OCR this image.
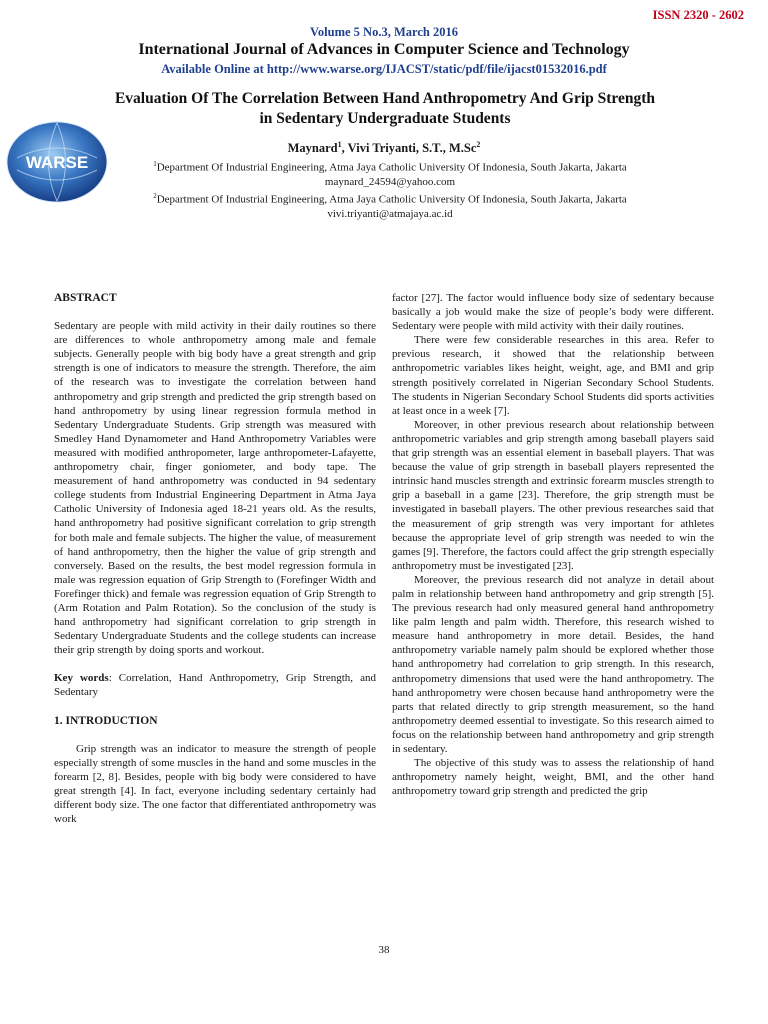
ISSN 2320 - 2602
Volume 5 No.3, March 2016
International Journal of Advances in Computer Science and Technology
Available Online at http://www.warse.org/IJACST/static/pdf/file/ijacst01532016.pdf
WARSE
Evaluation Of The Correlation Between Hand Anthropometry And Grip Strength
in Sedentary Undergraduate Students
Maynard$^1$, Vivi Triyanti, S.T., M.Sc$^2$
$^1$Department Of Industrial Engineering, Atma Jaya Catholic University Of Indonesia, South Jakarta, Jakarta
maynard_24594@yahoo.com
$^2$Department Of Industrial Engineering, Atma Jaya Catholic University Of Indonesia, South Jakarta, Jakarta
vivi.triyanti@atmajaya.ac.id
ABSTRACT

Sedentary are people with mild activity in their daily routines so there are differences to whole anthropometry among male and female subjects. Generally people with big body have a great strength and grip strength is one of indicators to measure the strength. Therefore, the aim of the research was to investigate the correlation between hand anthropometry and grip strength and predicted the grip strength based on hand anthropometry by using linear regression formula method in Sedentary Undergraduate Students. Grip strength was measured with Smedley Hand Dynamometer and Hand Anthropometry Variables were measured with modified anthropometer, large anthropometer-Lafayette, anthropometry chair, finger goniometer, and body tape. The measurement of hand anthropometry was conducted in 94 sedentary college students from Industrial Engineering Department in Atma Jaya Catholic University of Indonesia aged 18-21 years old. As the results, hand anthropometry had positive significant correlation to grip strength for both male and female subjects. The higher the value, of measurement of hand anthropometry, then the higher the value of grip strength and conversely. Based on the results, the best model regression formula in male was regression equation of Grip Strength to (Forefinger Width and Forefinger thick) and female was regression equation of Grip Strength to (Arm Rotation and Palm Rotation). So the conclusion of the study is hand anthropometry had significant correlation to grip strength in Sedentary Undergraduate Students and the college students can increase their grip strength by doing sports and workout.

Key words: Correlation, Hand Anthropometry, Grip Strength, and Sedentary

1. INTRODUCTION

Grip strength was an indicator to measure the strength of people especially strength of some muscles in the hand and some muscles in the forearm [2, 8]. Besides, people with big body were considered to have great strength [4]. In fact, everyone including sedentary certainly had different body size. The one factor that differentiated anthropometry was work

factor [27]. The factor would influence body size of sedentary because basically a job would make the size of people’s body were different. Sedentary were people with mild activity with their daily routines.

There were few considerable researches in this area. Refer to previous research, it showed that the relationship between anthropometric variables likes height, weight, age, and BMI and grip strength positively correlated in Nigerian Secondary School Students. The students in Nigerian Secondary School Students did sports activities at least once in a week [7].

Moreover, in other previous research about relationship between anthropometric variables and grip strength among baseball players said that grip strength was an essential element in baseball players. That was because the value of grip strength in baseball players represented the intrinsic hand muscles strength and extrinsic forearm muscles strength to grip a baseball in a game [23]. Therefore, the grip strength must be investigated in baseball players. The other previous researches said that the measurement of grip strength was very important for athletes because the appropriate level of grip strength was needed to win the games [9]. Therefore, the factors could affect the grip strength especially anthropometry must be investigated [23].

Moreover, the previous research did not analyze in detail about palm in relationship between hand anthropometry and grip strength [5]. The previous research had only measured general hand anthropometry like palm length and palm width. Therefore, this research wished to measure hand anthropometry in more detail. Besides, the hand anthropometry variable namely palm should be explored whether those hand anthropometry had correlation to grip strength. In this research, anthropometry dimensions that used were the hand anthropometry. The hand anthropometry were chosen because hand anthropometry were the parts that related directly to grip strength measurement, so the hand anthropometry deemed essential to investigate. So this research aimed to focus on the relationship between hand anthropometry and grip strength in sedentary.

The objective of this study was to assess the relationship of hand anthropometry namely height, weight, BMI, and the other hand anthropometry toward grip strength and predicted the grip

38
